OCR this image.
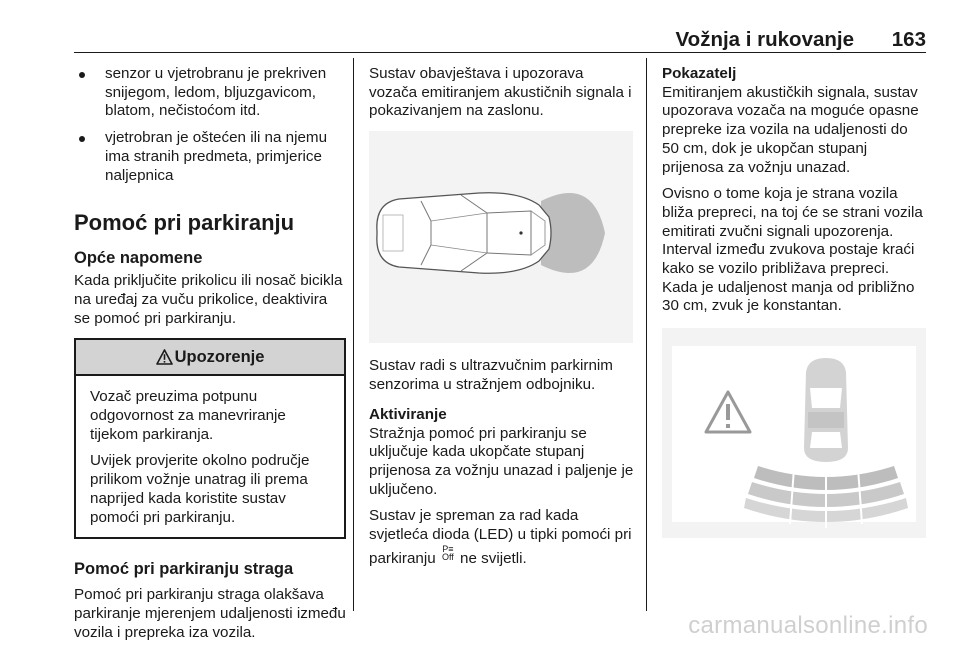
Vožnja i rukovanje 163
senzor u vjetrobranu je prekriven snijegom, ledom, bljuzgavicom, blatom, nečistoćom itd.
vjetrobran je oštećen ili na njemu ima stranih predmeta, primjerice naljepnica
Pomoć pri parkiranju
Opće napomene

Kada priključite prikolicu ili nosač bicikla na uređaj za vuču prikolice, deaktivira se pomoć pri parkiranju.

Upozorenje

Vozač preuzima potpunu odgovornost za manevriranje tijekom parkiranja.

Uvijek provjerite okolno područje prilikom vožnje unatrag ili prema naprijed kada koristite sustav pomoći pri parkiranju.

Pomoć pri parkiranju straga

Pomoć pri parkiranju straga olakšava parkiranje mjerenjem udaljenosti između vozila i prepreka iza vozila.

Sustav obavještava i upozorava vozača emitiranjem akustičnih signala i pokazivanjem na zaslonu.

Sustav radi s ultrazvučnim parkirnim senzorima u stražnjem odbojniku.

Aktiviranje

Stražnja pomoć pri parkiranju se uključuje kada ukopčate stupanj prijenosa za vožnju unazad i paljenje je uključeno.

Sustav je spreman za rad kada svjetleća dioda (LED) u tipki pomoći pri parkiranju P≡
Off ne svijetli.

Pokazatelj

Emitiranjem akustičkih signala, sustav upozorava vozača na moguće opasne prepreke iza vozila na udaljenosti do 50 cm, dok je ukopčan stupanj prijenosa za vožnju unazad.

Ovisno o tome koja je strana vozila bliža prepreci, na toj će se strani vozila emitirati zvučni signali upozorenja. Interval između zvukova postaje kraći kako se vozilo približava prepreci. Kada je udaljenost manja od približno 30 cm, zvuk je konstantan.

carmanualsonline.info
